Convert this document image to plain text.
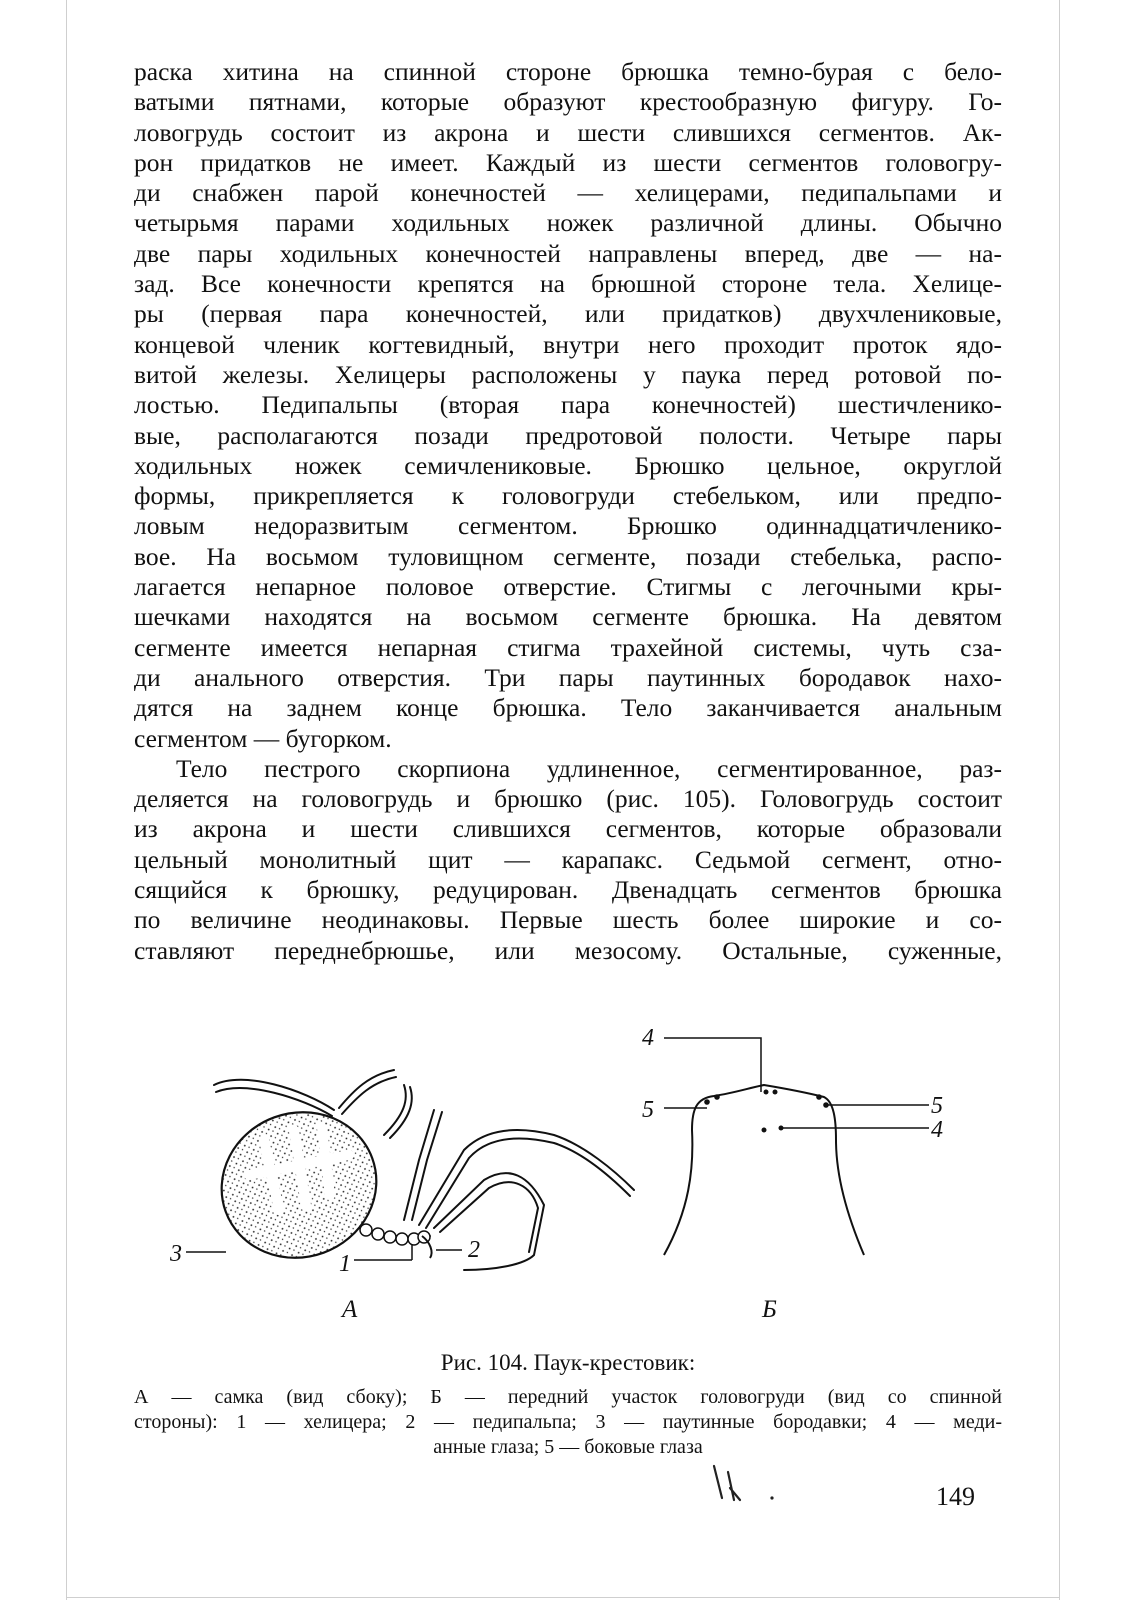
раска хитина на спинной стороне брюшка темно-бурая с бело-
ватыми пятнами, которые образуют крестообразную фигуру. Го-
ловогрудь состоит из акрона и шести слившихся сегментов. Ак-
рон придатков не имеет. Каждый из шести сегментов головогру-
ди снабжен парой конечностей — хелицерами, педипальпами и
четырьмя парами ходильных ножек различной длины. Обычно
две пары ходильных конечностей направлены вперед, две — на-
зад. Все конечности крепятся на брюшной стороне тела. Хелице-
ры (первая пара конечностей, или придатков) двухчлениковые,
концевой членик когтевидный, внутри него проходит проток ядо-
витой железы. Хелицеры расположены у паука перед ротовой по-
лостью. Педипальпы (вторая пара конечностей) шестичленико-
вые, располагаются позади предротовой полости. Четыре пары
ходильных ножек семичлениковые. Брюшко цельное, округлой
формы, прикрепляется к головогруди стебельком, или предпо-
ловым недоразвитым сегментом. Брюшко одиннадцатичленико-
вое. На восьмом туловищном сегменте, позади стебелька, распо-
лагается непарное половое отверстие. Стигмы с легочными кры-
шечками находятся на восьмом сегменте брюшка. На девятом
сегменте имеется непарная стигма трахейной системы, чуть сза-
ди анального отверстия. Три пары паутинных бородавок нахо-
дятся на заднем конце брюшка. Тело заканчивается анальным
сегментом — бугорком.
Тело пестрого скорпиона удлиненное, сегментированное, раз-
деляется на головогрудь и брюшко (рис. 105). Головогрудь состоит
из акрона и шести слившихся сегментов, которые образовали
цельный монолитный щит — карапакс. Седьмой сегмент, отно-
сящийся к брюшку, редуцирован. Двенадцать сегментов брюшка
по величине неодинаковы. Первые шесть более широкие и со-
ставляют переднебрюшье, или мезосому. Остальные, суженные,
3	1
2
4
5	5
4
А	Б
Рис. 104. Паук-крестовик:
А — самка (вид сбоку); Б — передний участок головогруди (вид со спинной
стороны): 1 — хелицера; 2 — педипальпа; 3 — паутинные бородавки; 4 — меди-
анные глаза; 5 — боковые глаза
149
